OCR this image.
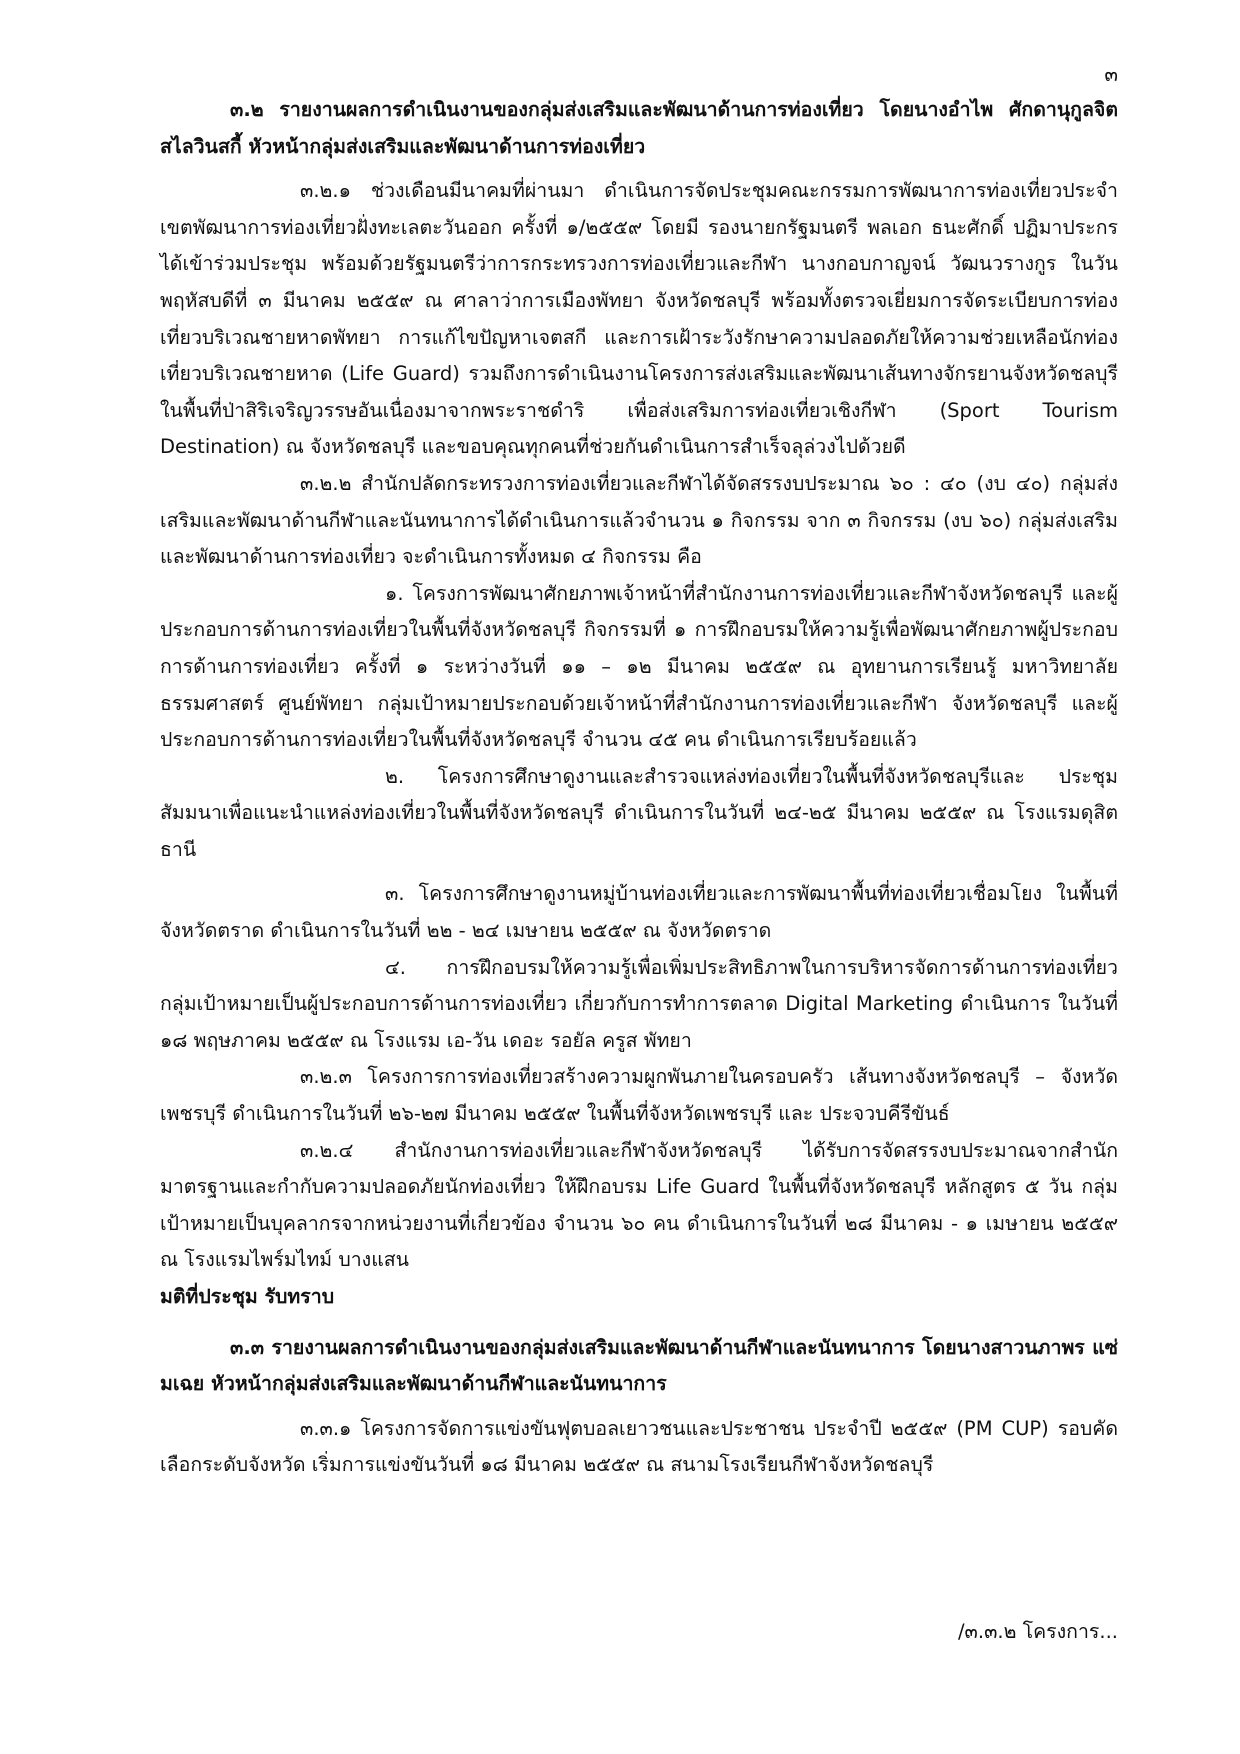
๓

๓.๒ รายงานผลการดำเนินงานของกลุ่มส่งเสริมและพัฒนาด้านการท่องเที่ยว โดยนางอำไพ ศักดานุกูลจิต สไลวินสกี้ หัวหน้ากลุ่มส่งเสริมและพัฒนาด้านการท่องเที่ยว

๓.๒.๑ ช่วงเดือนมีนาคมที่ผ่านมา ดำเนินการจัดประชุมคณะกรรมการพัฒนาการท่องเที่ยวประจำเขตพัฒนาการท่องเที่ยวฝั่งทะเลตะวันออก ครั้งที่ ๑/๒๕๕๙ โดยมี รองนายกรัฐมนตรี พลเอก ธนะศักดิ์ ปฏิมาประกร ได้เข้าร่วมประชุม พร้อมด้วยรัฐมนตรีว่าการกระทรวงการท่องเที่ยวและกีฬา นางกอบกาญจน์ วัฒนวรางกูร ในวันพฤหัสบดีที่ ๓ มีนาคม ๒๕๕๙ ณ ศาลาว่าการเมืองพัทยา จังหวัดชลบุรี พร้อมทั้งตรวจเยี่ยมการจัดระเบียบการท่องเที่ยวบริเวณชายหาดพัทยา การแก้ไขปัญหาเจตสกี และการเฝ้าระวังรักษาความปลอดภัยให้ความช่วยเหลือนักท่องเที่ยวบริเวณชายหาด (Life Guard) รวมถึงการดำเนินงานโครงการส่งเสริมและพัฒนาเส้นทางจักรยานจังหวัดชลบุรี ในพื้นที่ป่าสิริเจริญวรรษอันเนื่องมาจากพระราชดำริ เพื่อส่งเสริมการท่องเที่ยวเชิงกีฬา (Sport Tourism Destination) ณ จังหวัดชลบุรี และขอบคุณทุกคนที่ช่วยกันดำเนินการสำเร็จลุล่วงไปด้วยดี

๓.๒.๒ สำนักปลัดกระทรวงการท่องเที่ยวและกีฬาได้จัดสรรงบประมาณ ๖๐ : ๔๐ (งบ ๔๐) กลุ่มส่งเสริมและพัฒนาด้านกีฬาและนันทนาการได้ดำเนินการแล้วจำนวน ๑ กิจกรรม จาก ๓ กิจกรรม (งบ ๖๐) กลุ่มส่งเสริมและพัฒนาด้านการท่องเที่ยว จะดำเนินการทั้งหมด ๔ กิจกรรม คือ

๑. โครงการพัฒนาศักยภาพเจ้าหน้าที่สำนักงานการท่องเที่ยวและกีฬาจังหวัดชลบุรี และผู้ประกอบการด้านการท่องเที่ยวในพื้นที่จังหวัดชลบุรี กิจกรรมที่ ๑ การฝึกอบรมให้ความรู้เพื่อพัฒนาศักยภาพผู้ประกอบการด้านการท่องเที่ยว ครั้งที่ ๑ ระหว่างวันที่ ๑๑ – ๑๒ มีนาคม ๒๕๕๙ ณ อุทยานการเรียนรู้ มหาวิทยาลัยธรรมศาสตร์ ศูนย์พัทยา กลุ่มเป้าหมายประกอบด้วยเจ้าหน้าที่สำนักงานการท่องเที่ยวและกีฬา จังหวัดชลบุรี และผู้ประกอบการด้านการท่องเที่ยวในพื้นที่จังหวัดชลบุรี จำนวน ๔๕ คน ดำเนินการเรียบร้อยแล้ว

๒. โครงการศึกษาดูงานและสำรวจแหล่งท่องเที่ยวในพื้นที่จังหวัดชลบุรีและ ประชุมสัมมนาเพื่อแนะนำแหล่งท่องเที่ยวในพื้นที่จังหวัดชลบุรี ดำเนินการในวันที่ ๒๔-๒๕ มีนาคม ๒๕๕๙ ณ โรงแรมดุสิตธานี

๓. โครงการศึกษาดูงานหมู่บ้านท่องเที่ยวและการพัฒนาพื้นที่ท่องเที่ยวเชื่อมโยง ในพื้นที่จังหวัดตราด ดำเนินการในวันที่ ๒๒ - ๒๔ เมษายน ๒๕๕๙ ณ จังหวัดตราด

๔. การฝึกอบรมให้ความรู้เพื่อเพิ่มประสิทธิภาพในการบริหารจัดการด้านการท่องเที่ยว กลุ่มเป้าหมายเป็นผู้ประกอบการด้านการท่องเที่ยว เกี่ยวกับการทำการตลาด Digital Marketing ดำเนินการ ในวันที่ ๑๘ พฤษภาคม ๒๕๕๙ ณ โรงแรม เอ-วัน เดอะ รอยัล ครูส พัทยา

๓.๒.๓ โครงการการท่องเที่ยวสร้างความผูกพันภายในครอบครัว เส้นทางจังหวัดชลบุรี – จังหวัดเพชรบุรี ดำเนินการในวันที่ ๒๖-๒๗ มีนาคม ๒๕๕๙ ในพื้นที่จังหวัดเพชรบุรี และ ประจวบคีรีขันธ์

๓.๒.๔ สำนักงานการท่องเที่ยวและกีฬาจังหวัดชลบุรี ได้รับการจัดสรรงบประมาณจากสำนัก มาตรฐานและกำกับความปลอดภัยนักท่องเที่ยว ให้ฝึกอบรม Life Guard ในพื้นที่จังหวัดชลบุรี หลักสูตร ๕ วัน กลุ่มเป้าหมายเป็นบุคลากรจากหน่วยงานที่เกี่ยวข้อง จำนวน ๖๐ คน ดำเนินการในวันที่ ๒๘ มีนาคม - ๑ เมษายน ๒๕๕๙ ณ โรงแรมไพร์มไทม์ บางแสน

มติที่ประชุม รับทราบ

๓.๓ รายงานผลการดำเนินงานของกลุ่มส่งเสริมและพัฒนาด้านกีฬาและนันทนาการ โดยนางสาวนภาพร แซ่มเฉย หัวหน้ากลุ่มส่งเสริมและพัฒนาด้านกีฬาและนันทนาการ

๓.๓.๑ โครงการจัดการแข่งขันฟุตบอลเยาวชนและประชาชน ประจำปี ๒๕๕๙ (PM CUP) รอบคัดเลือกระดับจังหวัด เริ่มการแข่งขันวันที่ ๑๘ มีนาคม ๒๕๕๙ ณ สนามโรงเรียนกีฬาจังหวัดชลบุรี

/๓.๓.๒ โครงการ...
